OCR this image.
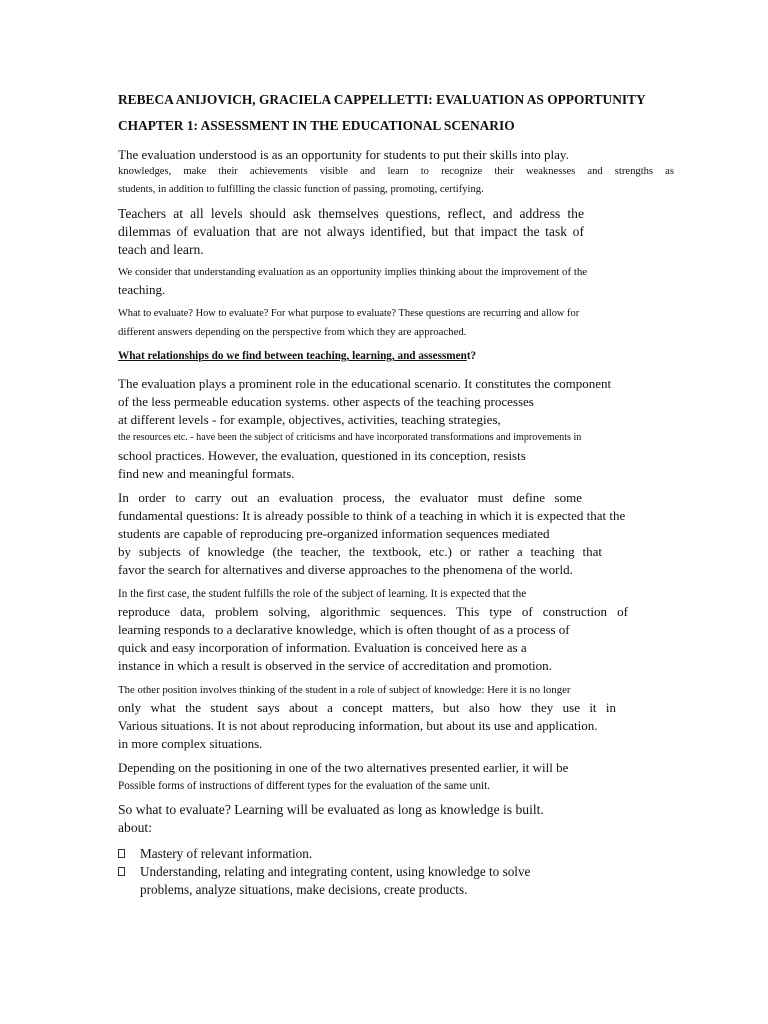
REBECA ANIJOVICH, GRACIELA CAPPELLETTI: EVALUATION AS OPPORTUNITY
CHAPTER 1: ASSESSMENT IN THE EDUCATIONAL SCENARIO
The evaluation understood is as an opportunity for students to put their skills into play.
knowledges, make their achievements visible and learn to recognize their weaknesses and strengths as
students, in addition to fulfilling the classic function of passing, promoting, certifying.
Teachers at all levels should ask themselves questions, reflect, and address the
dilemmas of evaluation that are not always identified, but that impact the task of
teach and learn.
We consider that understanding evaluation as an opportunity implies thinking about the improvement of the
teaching.
What to evaluate? How to evaluate? For what purpose to evaluate? These questions are recurring and allow for
different answers depending on the perspective from which they are approached.
What relationships do we find between teaching, learning, and assessment?
The evaluation plays a prominent role in the educational scenario. It constitutes the component
of the less permeable education systems. other aspects of the teaching processes
at different levels - for example, objectives, activities, teaching strategies,
the resources etc. - have been the subject of criticisms and have incorporated transformations and improvements in
school practices. However, the evaluation, questioned in its conception, resists
find new and meaningful formats.
In order to carry out an evaluation process, the evaluator must define some
fundamental questions: It is already possible to think of a teaching in which it is expected that the
students are capable of reproducing pre-organized information sequences mediated
by subjects of knowledge (the teacher, the textbook, etc.) or rather a teaching that
favor the search for alternatives and diverse approaches to the phenomena of the world.
In the first case, the student fulfills the role of the subject of learning. It is expected that the
reproduce data, problem solving, algorithmic sequences. This type of construction of
learning responds to a declarative knowledge, which is often thought of as a process of
quick and easy incorporation of information. Evaluation is conceived here as a
instance in which a result is observed in the service of accreditation and promotion.
The other position involves thinking of the student in a role of subject of knowledge: Here it is no longer
only what the student says about a concept matters, but also how they use it in
Various situations. It is not about reproducing information, but about its use and application.
in more complex situations.
Depending on the positioning in one of the two alternatives presented earlier, it will be
Possible forms of instructions of different types for the evaluation of the same unit.
So what to evaluate? Learning will be evaluated as long as knowledge is built.
about:
Mastery of relevant information.
Understanding, relating and integrating content, using knowledge to solve
problems, analyze situations, make decisions, create products.
